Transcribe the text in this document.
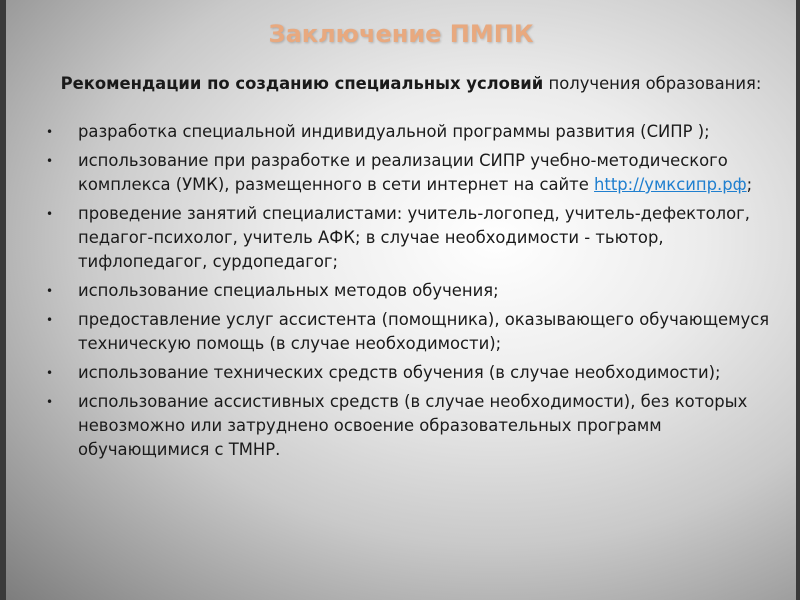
Заключение ПМПК
Рекомендации по созданию специальных условий получения образования:
• разработка специальной индивидуальной программы развития (СИПР );
• использование при разработке и реализации СИПР учебно-методического комплекса (УМК), размещенного в сети интернет на сайте http://умксипр.рф;
• проведение занятий специалистами: учитель-логопед, учитель-дефектолог, педагог-психолог, учитель АФК; в случае необходимости - тьютор, тифлопедагог, сурдопедагог;
• использование специальных методов обучения;
• предоставление услуг ассистента (помощника), оказывающего обучающемуся техническую помощь (в случае необходимости);
• использование технических средств обучения (в случае необходимости);
• использование ассистивных средств (в случае необходимости), без которых невозможно или затруднено освоение образовательных программ обучающимися с ТМНР.
